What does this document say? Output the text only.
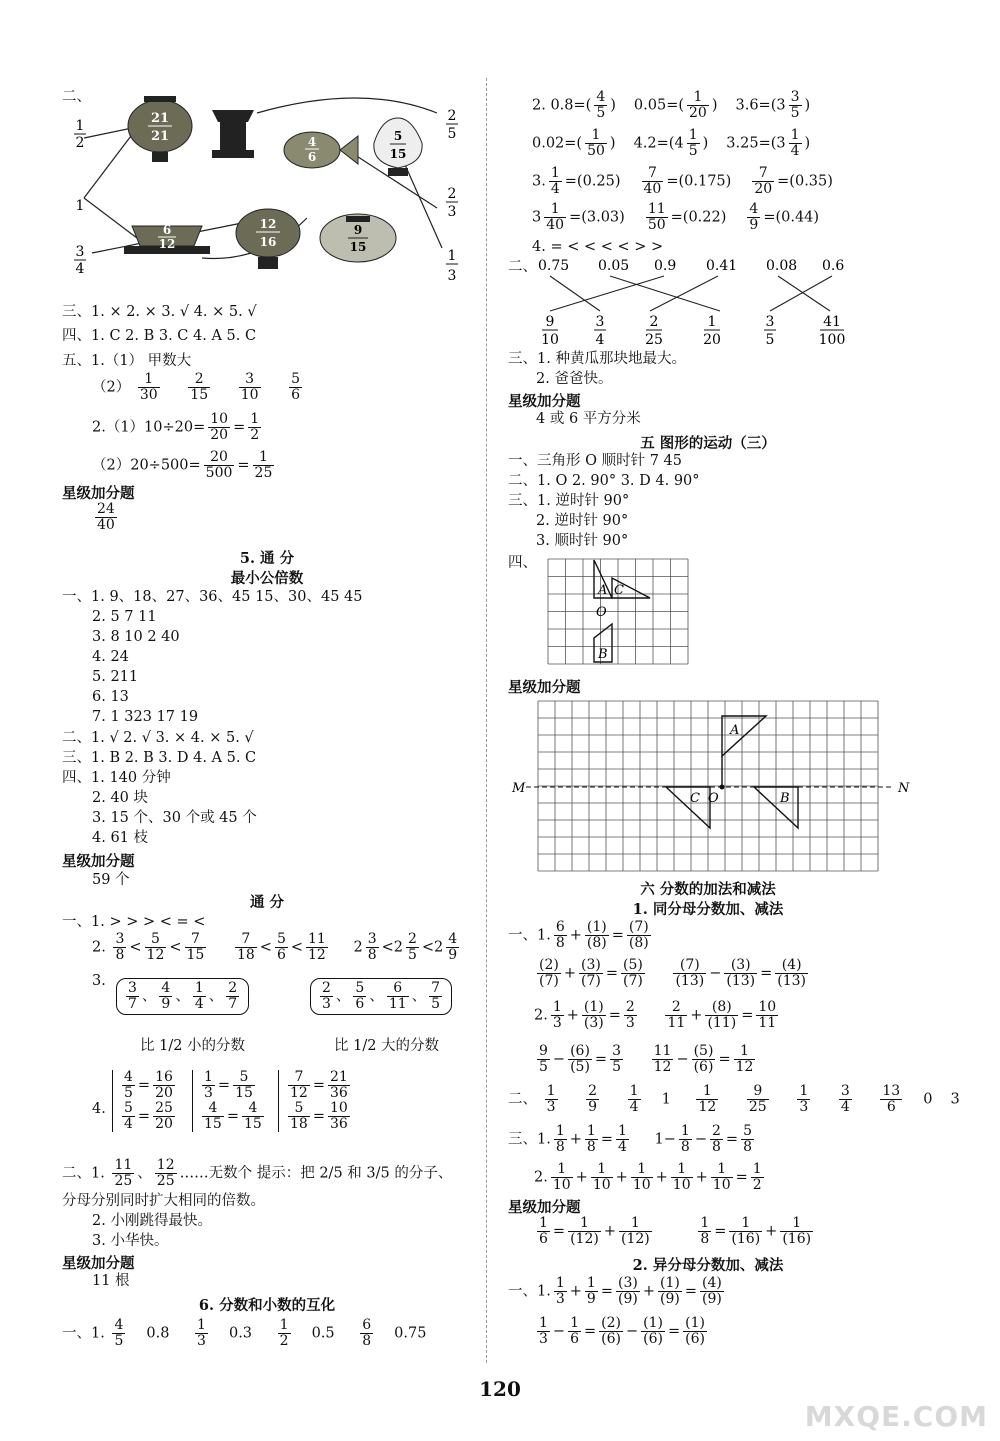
二、
21
21	4
6
5
15
6
12
12
16
9
15
1
2
1
3
4
2
5
2
3
1
3
三、1. × 2. × 3. √ 4. × 5. √
四、1. C 2. B 3. C 4. A 5. C
五、1.（1） 甲数大
$(2) \frac{1}{30}$
$\frac{2}{15}$
$\frac{3}{10}$
$\frac{5}{6}$
$2.(1)10\div 20= \frac{10}{20} = \frac{1}{2}$
$(2)20\div 500= \frac{20}{500} = \frac{1}{25}$
星级加分题
$\frac{24}{40}$
5. 通 分
最小公倍数
一、1. 9、18、27、36、45 15、30、45 45
2. 5 7 11
3. 8 10 2 40
4. 24
5. 211
6. 13
7. 1 323 17 19
二、1. √ 2. √ 3. × 4. × 5. √
三、1. B 2. B 3. D 4. A 5. C
四、1. 140 分钟
2. 40 块
3. 15 个、30 个或 45 个
4. 61 枝
星级加分题
59 个
通 分
一、1. > > > < = <
2. $\frac{3}{8} < \frac{5}{12} < \frac{7}{15}$
$\frac{7}{18} < \frac{5}{6} < \frac{11}{12} 2 \frac{3}{8} <2 \frac{2}{5} <2 \frac{4}{9}$
3. $\frac{3}{7}$ 、 $\frac{4}{9}$ 、 $\frac{1}{4}$ 、 $\frac{2}{7}$	$\frac{2}{3}$ 、 $\frac{5}{6}$ 、 $\frac{6}{11}$ 、 $\frac{7}{5}$
比 1/2 小的分数	比 1/2 大的分数
4.
$\frac{4}{5} = \frac{16}{20}$

$\frac{5}{4} = \frac{25}{20}$
$\frac{1}{3} = \frac{5}{15}$

$\frac{4}{15} = \frac{4}{15}$
$\frac{7}{12} = \frac{21}{36}$

$\frac{5}{18} = \frac{10}{36}$
二、1. $\frac{11}{25}$ 、 $\frac{12}{25}$ ……无数个 提示：把 2/5 和 3/5 的分子、
分母分别同时扩大相同的倍数。
2. 小刚跳得最快。
3. 小华快。
星级加分题
11 根
6. 分数和小数的互化
一、1. $\frac{4}{5} 0.8 \frac{1}{3} 0.3 \frac{1}{2} 0.5 \frac{6}{8} 0.75$
2. $0.8=( \frac{4}{5}$ ) $0.05=( \frac{1}{20}$ ) $3.6=(3 \frac{3}{5}$ )
$0.02=( \frac{1}{50}$ ) $4.2=(4 \frac{1}{5}$ ) $3.25=(3 \frac{1}{4}$ )
3. $\frac{1}{4} =(0.25) \frac{7}{40} =(0.175) \frac{7}{20} =(0.35)$
$3 \frac{1}{40} =(3.03) \frac{11}{50} =(0.22) \frac{4}{9} =(0.44)$
4. = < < < < > >
二、 0.75 0.05 0.9 0.41 0.08 0.6
9
10
3
4
2
25
1
20
3
5
41
100
三、1. 种黄瓜那块地最大。
2. 爸爸快。
星级加分题
4 或 6 平方分米
五 图形的运动（三）
一、三角形 O 顺时针 7 45
二、1. O 2. 90° 3. D 4. 90°
三、1. 逆时针 90°
2. 逆时针 90°
3. 顺时针 90°
四、
A C
O
B
星级加分题
M	N
A
C O	B
六 分数的加法和减法
1. 同分母分数加、减法
一、1. $\frac{6}{8} + \frac{(1)}{(8)} = \frac{(7)}{(8)}$
$\frac{(2)}{(7)} + \frac{(3)}{(7)} = \frac{(5)}{(7)}$
$\frac{(7)}{(13)} - \frac{(3)}{(13)} = \frac{(4)}{(13)}$
2. $\frac{1}{3} + \frac{(1)}{(3)} = \frac{2}{3}$
$\frac{2}{11} + \frac{(8)}{(11)} = \frac{10}{11}$
$\frac{9}{5} - \frac{(6)}{(5)} = \frac{3}{5}$
$\frac{11}{12} - \frac{(5)}{(6)} = \frac{1}{12}$
二、 $\frac{1}{3}$
$\frac{2}{9}$
$\frac{1}{4} 1 \frac{1}{12}$
$\frac{9}{25}$
$\frac{1}{3}$
$\frac{3}{4}$
$\frac{13}{6} 0$ 3
三、1. $\frac{1}{8} + \frac{1}{8} = \frac{1}{4} 1- \frac{1}{8} - \frac{2}{8} = \frac{5}{8}$
2. $\frac{1}{10} + \frac{1}{10} + \frac{1}{10} + \frac{1}{10} + \frac{1}{10} = \frac{1}{2}$
星级加分题
$\frac{1}{6} = \frac{1}{(12)} + \frac{1}{(12)}$
	$\frac{1}{8} = \frac{1}{(16)} + \frac{1}{(16)}$
2. 异分母分数加、减法
一、1. $\frac{1}{3} + \frac{1}{9} = \frac{(3)}{(9)} + \frac{(1)}{(9)} = \frac{(4)}{(9)}$
$\frac{1}{3} - \frac{1}{6} = \frac{(2)}{(6)} - \frac{(1)}{(6)} = \frac{(1)}{(6)}$
120
MXQE.COM
